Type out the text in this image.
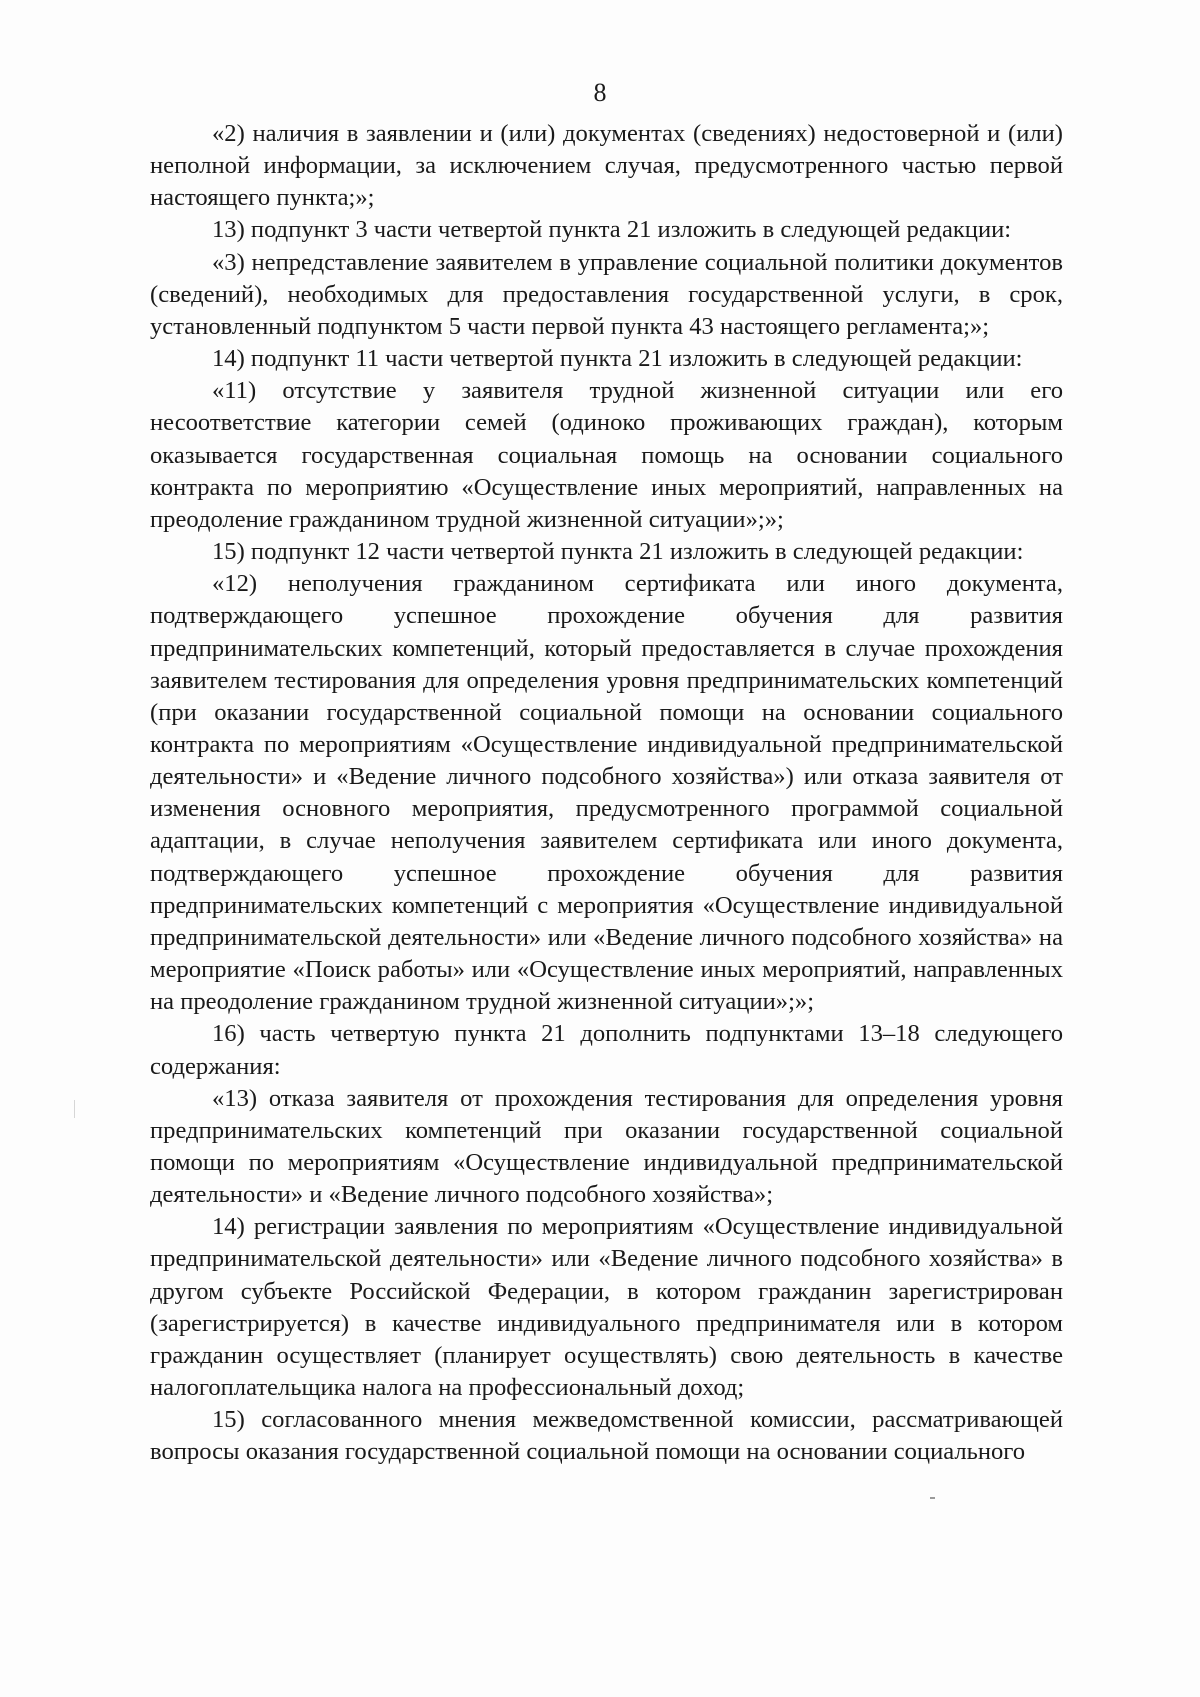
8

«2) наличия в заявлении и (или) документах (сведениях) недостоверной и (или) неполной информации, за исключением случая, предусмотренного частью первой настоящего пункта;»;

13) подпункт 3 части четвертой пункта 21 изложить в следующей редакции:

«3) непредставление заявителем в управление социальной политики документов (сведений), необходимых для предоставления государственной услуги, в срок, установленный подпунктом 5 части первой пункта 43 настоящего регламента;»;

14) подпункт 11 части четвертой пункта 21 изложить в следующей редакции:

«11) отсутствие у заявителя трудной жизненной ситуации или его несоответствие категории семей (одиноко проживающих граждан), которым оказывается государственная социальная помощь на основании социального контракта по мероприятию «Осуществление иных мероприятий, направленных на преодоление гражданином трудной жизненной ситуации»;»;

15) подпункт 12 части четвертой пункта 21 изложить в следующей редакции:

«12) неполучения гражданином сертификата или иного документа, подтверждающего успешное прохождение обучения для развития предпринимательских компетенций, который предоставляется в случае прохождения заявителем тестирования для определения уровня предпринимательских компетенций (при оказании государственной социальной помощи на основании социального контракта по мероприятиям «Осуществление индивидуальной предпринимательской деятельности» и «Ведение личного подсобного хозяйства») или отказа заявителя от изменения основного мероприятия, предусмотренного программой социальной адаптации, в случае неполучения заявителем сертификата или иного документа, подтверждающего успешное прохождение обучения для развития предпринимательских компетенций с мероприятия «Осуществление индивидуальной предпринимательской деятельности» или «Ведение личного подсобного хозяйства» на мероприятие «Поиск работы» или «Осуществление иных мероприятий, направленных на преодоление гражданином трудной жизненной ситуации»;»;

16) часть четвертую пункта 21 дополнить подпунктами 13–18 следующего содержания:

«13) отказа заявителя от прохождения тестирования для определения уровня предпринимательских компетенций при оказании государственной социальной помощи по мероприятиям «Осуществление индивидуальной предпринимательской деятельности» и «Ведение личного подсобного хозяйства»;

14) регистрации заявления по мероприятиям «Осуществление индивидуальной предпринимательской деятельности» или «Ведение личного подсобного хозяйства» в другом субъекте Российской Федерации, в котором гражданин зарегистрирован (зарегистрируется) в качестве индивидуального предпринимателя или в котором гражданин осуществляет (планирует осуществлять) свою деятельность в качестве налогоплательщика налога на профессиональный доход;

15) согласованного мнения межведомственной комиссии, рассматривающей вопросы оказания государственной социальной помощи на основании социального
